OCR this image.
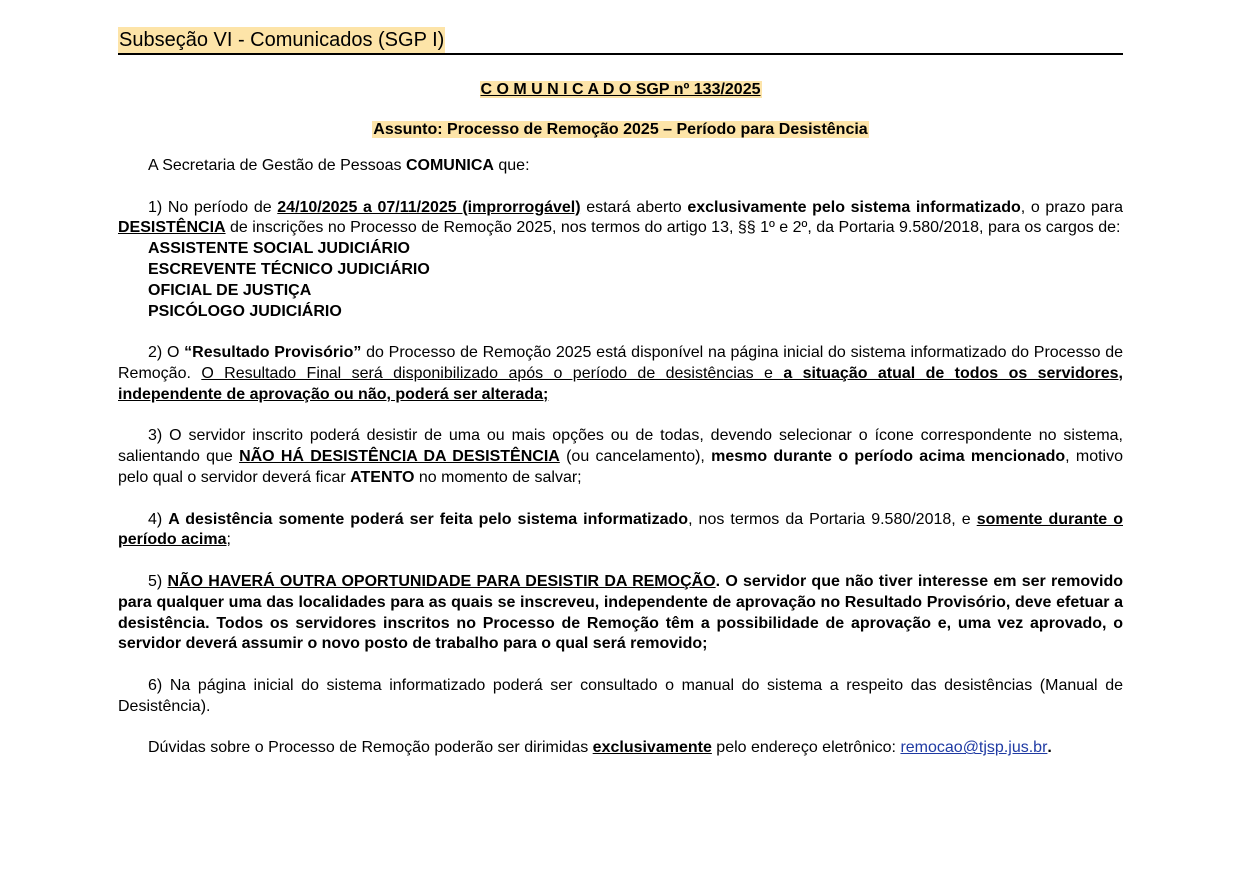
Subseção VI - Comunicados (SGP I)
C O M U N I C A D O SGP nº 133/2025
Assunto: Processo de Remoção 2025 – Período para Desistência

A Secretaria de Gestão de Pessoas COMUNICA que:

1) No período de 24/10/2025 a 07/11/2025 (improrrogável) estará aberto exclusivamente pelo sistema informatizado, o prazo para DESISTÊNCIA de inscrições no Processo de Remoção 2025, nos termos do artigo 13, §§ 1º e 2º, da Portaria 9.580/2018, para os cargos de:

ASSISTENTE SOCIAL JUDICIÁRIO
ESCREVENTE TÉCNICO JUDICIÁRIO
OFICIAL DE JUSTIÇA
PSICÓLOGO JUDICIÁRIO

2) O “Resultado Provisório” do Processo de Remoção 2025 está disponível na página inicial do sistema informatizado do Processo de Remoção. O Resultado Final será disponibilizado após o período de desistências e a situação atual de todos os servidores, independente de aprovação ou não, poderá ser alterada;

3) O servidor inscrito poderá desistir de uma ou mais opções ou de todas, devendo selecionar o ícone correspondente no sistema, salientando que NÃO HÁ DESISTÊNCIA DA DESISTÊNCIA (ou cancelamento), mesmo durante o período acima mencionado, motivo pelo qual o servidor deverá ficar ATENTO no momento de salvar;

4) A desistência somente poderá ser feita pelo sistema informatizado, nos termos da Portaria 9.580/2018, e somente durante o período acima;

5) NÃO HAVERÁ OUTRA OPORTUNIDADE PARA DESISTIR DA REMOÇÃO. O servidor que não tiver interesse em ser removido para qualquer uma das localidades para as quais se inscreveu, independente de aprovação no Resultado Provisório, deve efetuar a desistência. Todos os servidores inscritos no Processo de Remoção têm a possibilidade de aprovação e, uma vez aprovado, o servidor deverá assumir o novo posto de trabalho para o qual será removido;

6) Na página inicial do sistema informatizado poderá ser consultado o manual do sistema a respeito das desistências (Manual de Desistência).

Dúvidas sobre o Processo de Remoção poderão ser dirimidas exclusivamente pelo endereço eletrônico: remocao@tjsp.jus.br.
